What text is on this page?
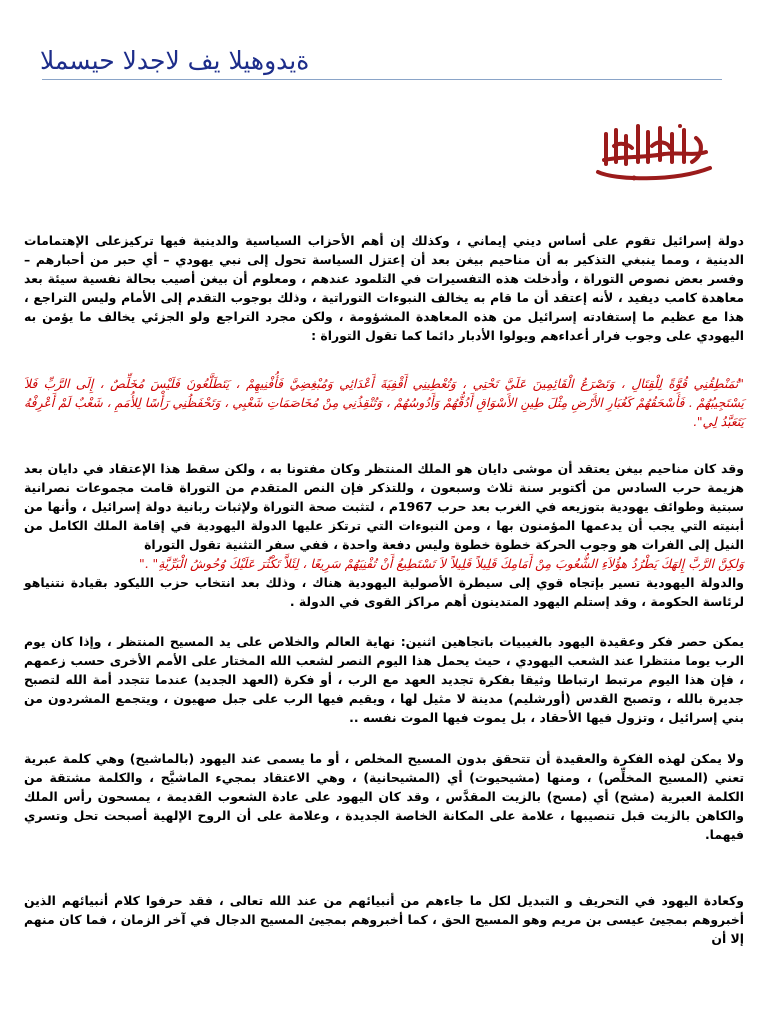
المسيح الدجال في اليهودية

دولة إسرائيل تقوم على أساس ديني إيماني ، وكذلك إن أهم الأحزاب السياسية والدينية فيها تركيزعلى الإهتمامات الدينية ، ومما ينبغي التذكير به أن مناحيم بيغن بعد أن إعتزل السياسة تحول إلى نبي يهودي – أي حبر من أحبارهم – وفسر بعض نصوص التوراة ، وأدخلت هذه التفسيرات في التلمود عندهم ، ومعلوم أن بيغن أصيب بحالة نفسية سيئة بعد معاهدة كامب ديفيد ، لأنه إعتقد أن ما قام به يخالف النبوءات التوراتية ، وذلك بوجوب التقدم إلى الأمام وليس التراجع ، هذا مع عظيم ما إستفادته إسرائيل من هذه المعاهدة المشؤومة ، ولكن مجرد التراجع ولو الجزئي يخالف ما يؤمن به اليهودي على وجوب فرار أعداءهم ويولوا الأدبار دائما كما تقول التوراة :

"تُمَنْطِقُنِي قُوَّةً لِلْقِتَالِ ، وَتَصْرَعُ الْقَائِمِينَ عَلَيَّ تَحْتِي ، وَتُعْطِينِي أَقْفِيَةَ أَعْدَائِي وَمُبْغِضِيَّ فَأُفْنِيهِمْ ، يَتَطَلَّعُونَ فَلَيْسَ مُخَلِّصٌ ، إِلَى الرَّبِّ فَلاَ يَسْتَجِيبُهُمْ . فَأَسْحَقُهُمْ كَغُبَارِ الأَرْضِ مِثْلَ طِينِ الأَسْوَاقِ أَدُقُّهُمْ وَأَدُوسُهُمْ ، وَتُنْقِذُنِي مِنْ مُخَاصَمَاتِ شَعْبِي ، وَتَحْفَظُنِي رَأْسًا لِلأُمَمِ ، شَعْبٌ لَمْ أَعْرِفْهُ يَتَعَبَّدُ لِي".

وقد كان مناحيم بيغن يعتقد أن موشى دايان هو الملك المنتظر وكان مفتونا به ، ولكن سقط هذا الإعتقاد في دايان بعد هزيمة حرب السادس من أكتوبر سنة ثلاث وسبعون ، وللتذكر فإن النص المتقدم من التوراة قامت مجموعات نصرانية سبتية وطوائف يهودية بتوزيعه في الغرب بعد حرب 1967م ، لتثبت صحة التوراة ولإثبات ربانية دولة إسرائيل ، وأنها من أبنيته التي يجب أن يدعمها المؤمنون بها ، ومن النبوءات التي ترتكز عليها الدولة اليهودية في إقامة الملك الكامل من النيل إلى الفرات هو وجوب الحركة خطوة خطوة وليس دفعة واحدة ، ففي سفر التثنية تقول التوراة

وَلكِنَّ الرَّبَّ إِلهَكَ يَطْرُدُ هؤُلاَءِ الشُّعُوبَ مِنْ أَمَامِكَ قَلِيلاً قَلِيلاً لاَ تَسْتَطِيعُ أَنْ تُفْنِيَهُمْ سَرِيعًا ، لِئَلاَّ تَكْثُرَ عَلَيْكَ وُحُوشُ الْبَرِّيَّةِ" ."

والدولة اليهودية تسير بإتجاه قوي إلى سيطرة الأصولية اليهودية هناك ، وذلك بعد انتخاب حزب الليكود بقيادة نتنياهو لرئاسة الحكومة ، وقد إستلم اليهود المتدينون أهم مراكز القوى في الدولة .

يمكن حصر فكر وعقيدة اليهود بالغيبيات باتجاهين اثنين: نهاية العالم والخلاص على يد المسيح المنتظر ، وإذا كان يوم الرب يوما منتظرا عند الشعب اليهودي ، حيث يحمل هذا اليوم النصر لشعب الله المختار على الأمم الأخرى حسب زعمهم ، فإن هذا اليوم مرتبط ارتباطا وثيقا بفكرة تجديد العهد مع الرب ، أو فكرة (العهد الجديد) عندما تتجدد أمة الله لتصبح جديرة بالله ، وتصبح القدس (أورشليم) مدينة لا مثيل لها ، ويقيم فيها الرب على جبل صهيون ، ويتجمع المشردون من بني إسرائيل ، وتزول فيها الأحقاد ، بل يموت فيها الموت نفسه ..

ولا يمكن لهذه الفكرة والعقيدة أن تتحقق بدون المسيح المخلص ، أو ما يسمى عند اليهود (بالماشيح) وهي كلمة عبرية تعني (المسيح المخلِّص) ، ومنها (مشيحيوت) أي (المشيحانية) ، وهي الاعتقاد بمجيء الماشيَّح ، والكلمة مشتقة من الكلمة العبرية (مشح) أي (مسح) بالزيت المقدَّس ، وقد كان اليهود على عادة الشعوب القديمة ، يمسحون رأس الملك والكاهن بالزيت قبل تنصيبها ، علامة على المكانة الخاصة الجديدة ، وعلامة على أن الروح الإلهية أصبحت تحل وتسري فيهما.

وكعادة اليهود في التحريف و التبديل لكل ما جاءهم من أنبيائهم من عند الله تعالى ، فقد حرفوا كلام أنبيائهم الذين أخبروهم بمجيئ عيسى بن مريم وهو المسيح الحق ، كما أخبروهم بمجيئ المسيح الدجال في آخر الزمان ، فما كان منهم إلا أن
